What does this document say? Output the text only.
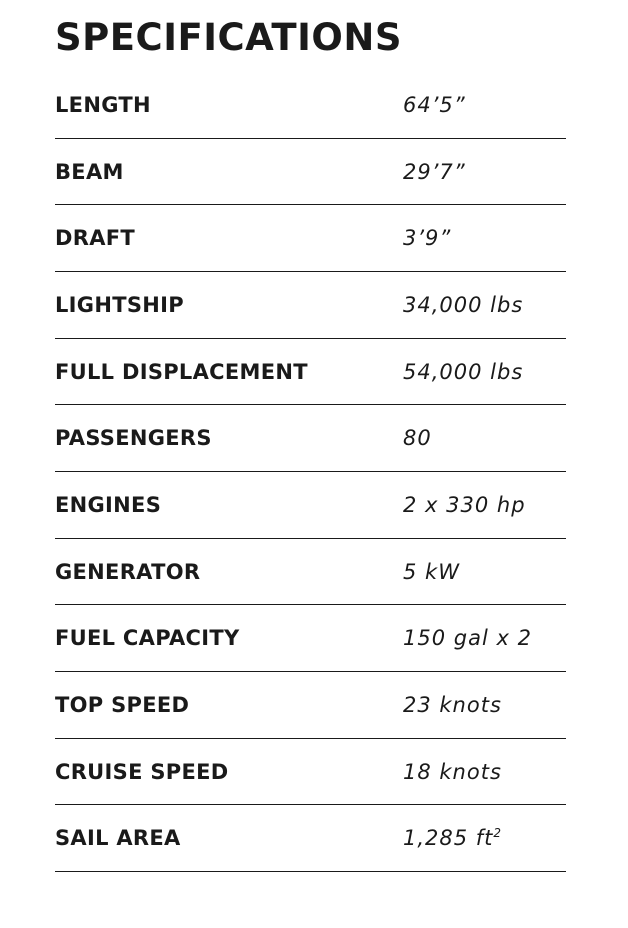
SPECIFICATIONS
LENGTH	64’5”
BEAM	29’7”
DRAFT	3’9”
LIGHTSHIP	34,000 lbs
FULL DISPLACEMENT	54,000 lbs
PASSENGERS	80
ENGINES	2 x 330 hp
GENERATOR	5 kW
FUEL CAPACITY	150 gal x 2
TOP SPEED	23 knots
CRUISE SPEED	18 knots
SAIL AREA	1,285 $ft^2$
